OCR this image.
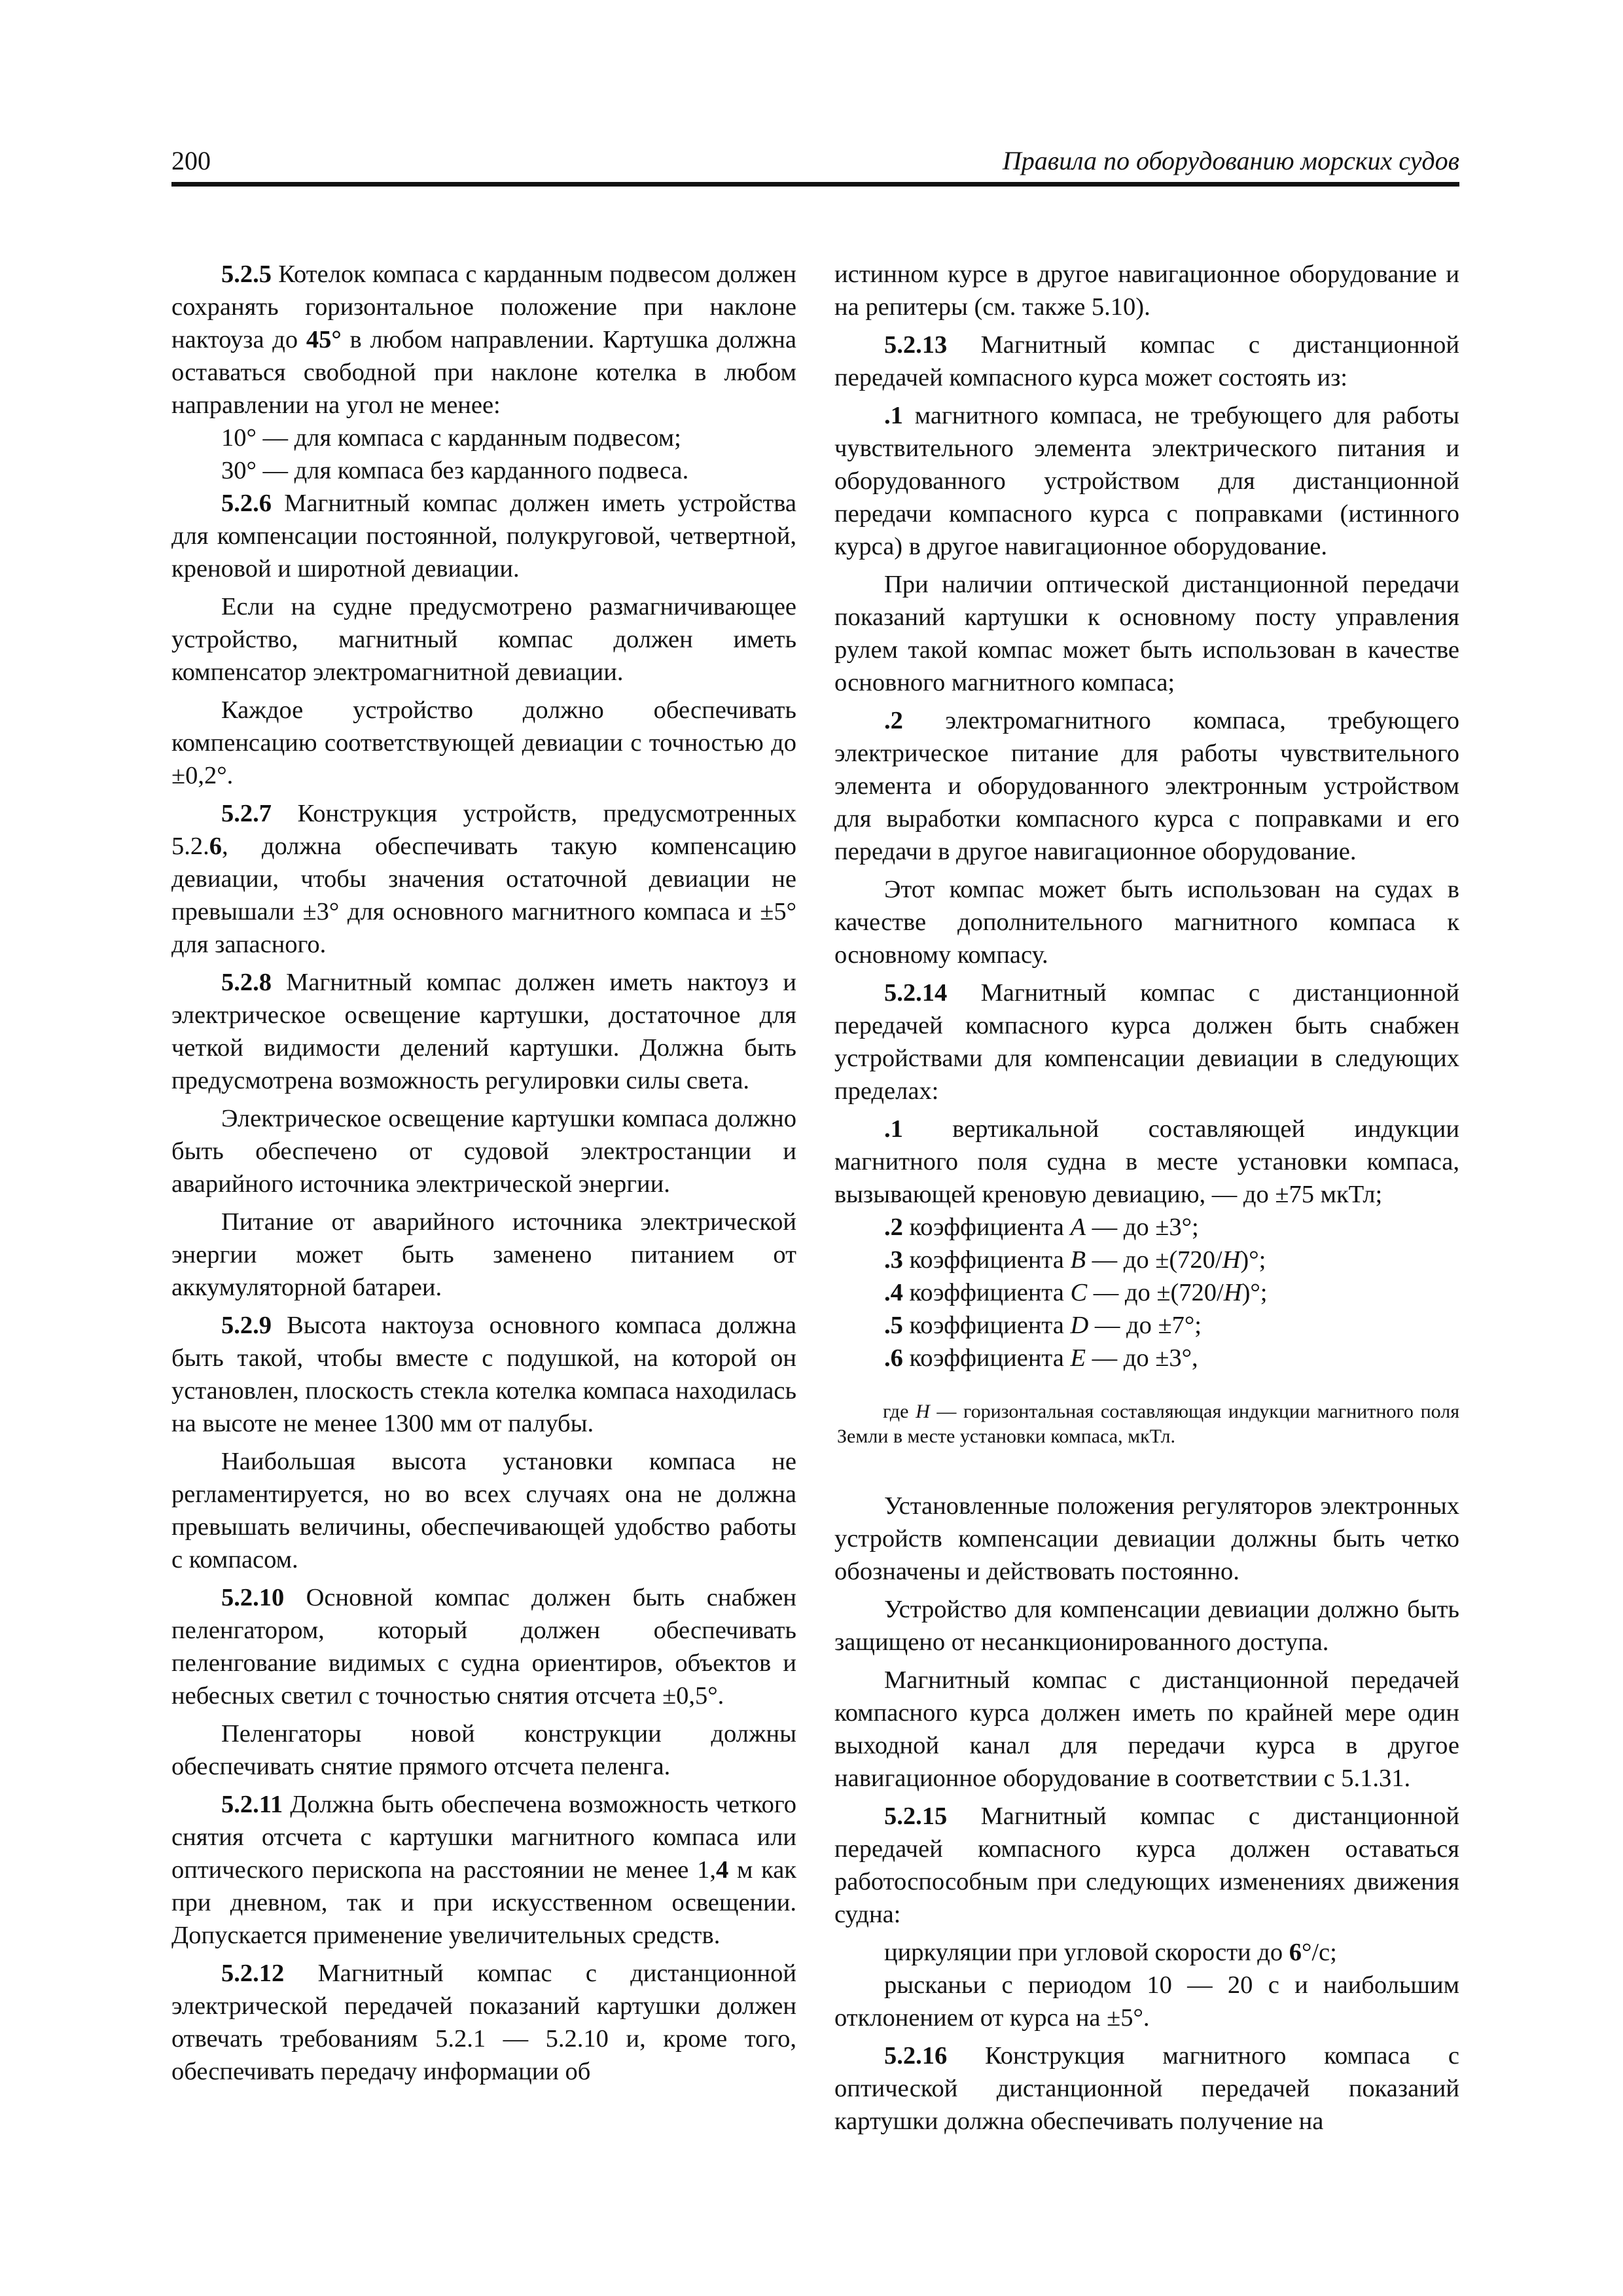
200	Правила по оборудованию морских судов

5.2.5 Котелок компаса с карданным подвесом должен сохранять горизонтальное положение при наклоне нактоуза до 45° в любом направлении. Картушка должна оставаться свободной при наклоне котелка в любом направлении на угол не менее:

10° — для компаса с карданным подвесом;

30° — для компаса без карданного подвеса.

5.2.6 Магнитный компас должен иметь устройства для компенсации постоянной, полукруговой, четвертной, креновой и широтной девиации.

Если на судне предусмотрено размагничивающее устройство, магнитный компас должен иметь компенсатор электромагнитной девиации.

Каждое устройство должно обеспечивать компенсацию соответствующей девиации с точностью до ±0,2°.

5.2.7 Конструкция устройств, предусмотренных 5.2.6, должна обеспечивать такую компенсацию девиации, чтобы значения остаточной девиации не превышали ±3° для основного магнитного компаса и ±5° для запасного.

5.2.8 Магнитный компас должен иметь нактоуз и электрическое освещение картушки, достаточное для четкой видимости делений картушки. Должна быть предусмотрена возможность регулировки силы света.

Электрическое освещение картушки компаса должно быть обеспечено от судовой электростанции и аварийного источника электрической энергии.

Питание от аварийного источника электрической энергии может быть заменено питанием от аккумуляторной батареи.

5.2.9 Высота нактоуза основного компаса должна быть такой, чтобы вместе с подушкой, на которой он установлен, плоскость стекла котелка компаса находилась на высоте не менее 1300 мм от палубы.

Наибольшая высота установки компаса не регламентируется, но во всех случаях она не должна превышать величины, обеспечивающей удобство работы с компасом.

5.2.10 Основной компас должен быть снабжен пеленгатором, который должен обеспечивать пеленгование видимых с судна ориентиров, объектов и небесных светил с точностью снятия отсчета ±0,5°.

Пеленгаторы новой конструкции должны обеспечивать снятие прямого отсчета пеленга.

5.2.11 Должна быть обеспечена возможность четкого снятия отсчета с картушки магнитного компаса или оптического перископа на расстоянии не менее 1,4 м как при дневном, так и при искусственном освещении. Допускается применение увеличительных средств.

5.2.12 Магнитный компас с дистанционной электрической передачей показаний картушки должен отвечать требованиям 5.2.1 — 5.2.10 и, кроме того, обеспечивать передачу информации об

истинном курсе в другое навигационное оборудование и на репитеры (см. также 5.10).

5.2.13 Магнитный компас с дистанционной передачей компасного курса может состоять из:

.1 магнитного компаса, не требующего для работы чувствительного элемента электрического питания и оборудованного устройством для дистанционной передачи компасного курса с поправками (истинного курса) в другое навигационное оборудование.

При наличии оптической дистанционной передачи показаний картушки к основному посту управления рулем такой компас может быть использован в качестве основного магнитного компаса;

.2 электромагнитного компаса, требующего электрическое питание для работы чувствительного элемента и оборудованного электронным устройством для выработки компасного курса с поправками и его передачи в другое навигационное оборудование.

Этот компас может быть использован на судах в качестве дополнительного магнитного компаса к основному компасу.

5.2.14 Магнитный компас с дистанционной передачей компасного курса должен быть снабжен устройствами для компенсации девиации в следующих пределах:

.1 вертикальной составляющей индукции магнитного поля судна в месте установки компаса, вызывающей креновую девиацию, — до ±75 мкТл;

.2 коэффициента A — до ±3°;

.3 коэффициента B — до ±(720/H)°;

.4 коэффициента C — до ±(720/H)°;

.5 коэффициента D — до ±7°;

.6 коэффициента E — до ±3°,

где H — горизонтальная составляющая индукции магнитного поля Земли в месте установки компаса, мкТл.

Установленные положения регуляторов электронных устройств компенсации девиации должны быть четко обозначены и действовать постоянно.

Устройство для компенсации девиации должно быть защищено от несанкционированного доступа.

Магнитный компас с дистанционной передачей компасного курса должен иметь по крайней мере один выходной канал для передачи курса в другое навигационное оборудование в соответствии с 5.1.31.

5.2.15 Магнитный компас с дистанционной передачей компасного курса должен оставаться работоспособным при следующих изменениях движения судна:

циркуляции при угловой скорости до 6°/с;

рысканьи с периодом 10 — 20 с и наибольшим отклонением от курса на ±5°.

5.2.16 Конструкция магнитного компаса с оптической дистанционной передачей показаний картушки должна обеспечивать получение на
